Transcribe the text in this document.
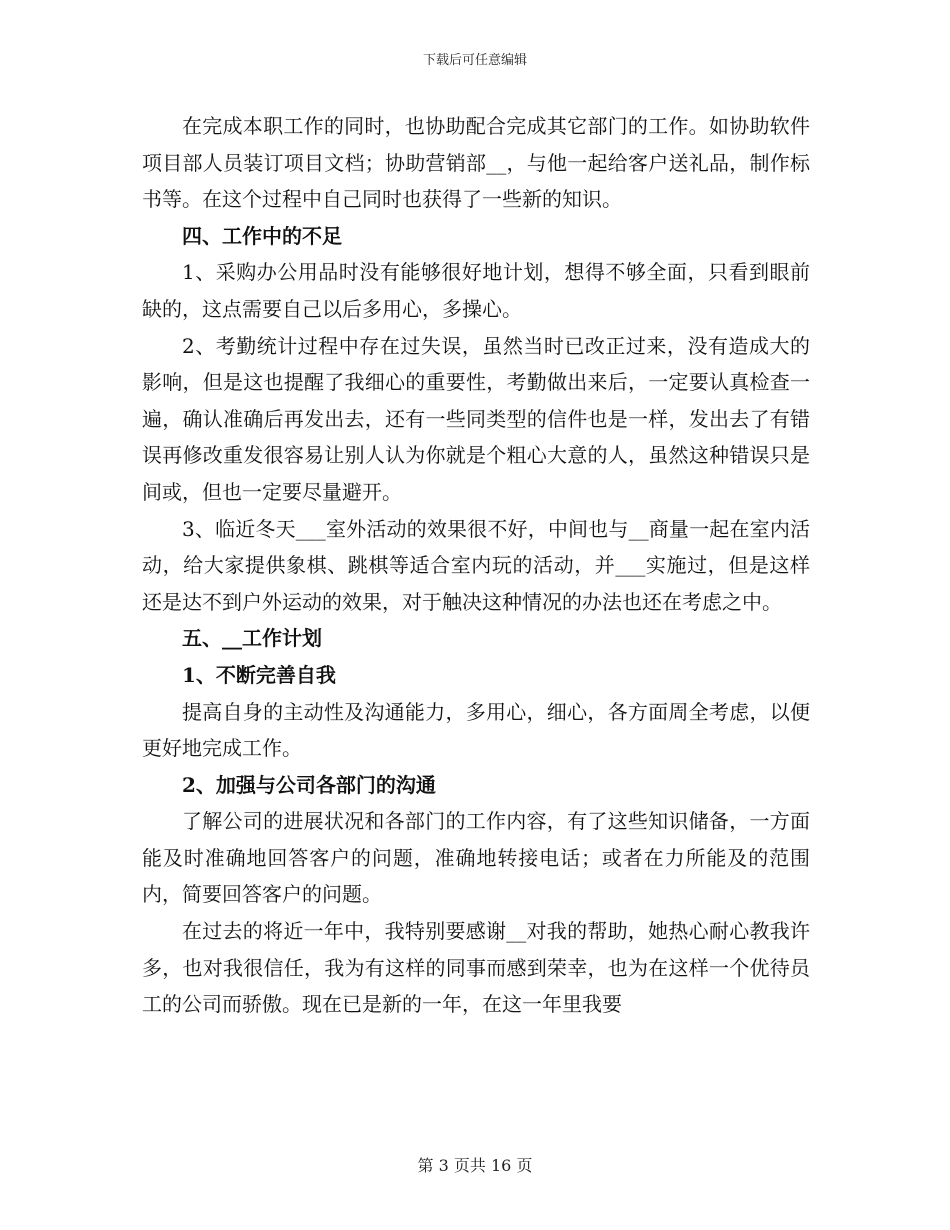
下载后可任意编辑

在完成本职工作的同时，也协助配合完成其它部门的工作。如协助软件项目部人员装订项目文档；协助营销部__，与他一起给客户送礼品，制作标书等。在这个过程中自己同时也获得了一些新的知识。

四、工作中的不足

1、采购办公用品时没有能够很好地计划，想得不够全面，只看到眼前缺的，这点需要自己以后多用心，多操心。

2、考勤统计过程中存在过失误，虽然当时已改正过来，没有造成大的影响，但是这也提醒了我细心的重要性，考勤做出来后，一定要认真检查一遍，确认准确后再发出去，还有一些同类型的信件也是一样，发出去了有错误再修改重发很容易让别人认为你就是个粗心大意的人，虽然这种错误只是间或，但也一定要尽量避开。

3、临近冬天___室外活动的效果很不好，中间也与__商量一起在室内活动，给大家提供象棋、跳棋等适合室内玩的活动，并___实施过，但是这样还是达不到户外运动的效果，对于触决这种情况的办法也还在考虑之中。

五、__工作计划

1、不断完善自我

提高自身的主动性及沟通能力，多用心，细心，各方面周全考虑，以便更好地完成工作。

2、加强与公司各部门的沟通

了解公司的进展状况和各部门的工作内容，有了这些知识储备，一方面能及时准确地回答客户的问题，准确地转接电话；或者在力所能及的范围内，简要回答客户的问题。

在过去的将近一年中，我特别要感谢__对我的帮助，她热心耐心教我许多，也对我很信任，我为有这样的同事而感到荣幸，也为在这样一个优待员工的公司而骄傲。现在已是新的一年，在这一年里我要

第 3 页共 16 页
